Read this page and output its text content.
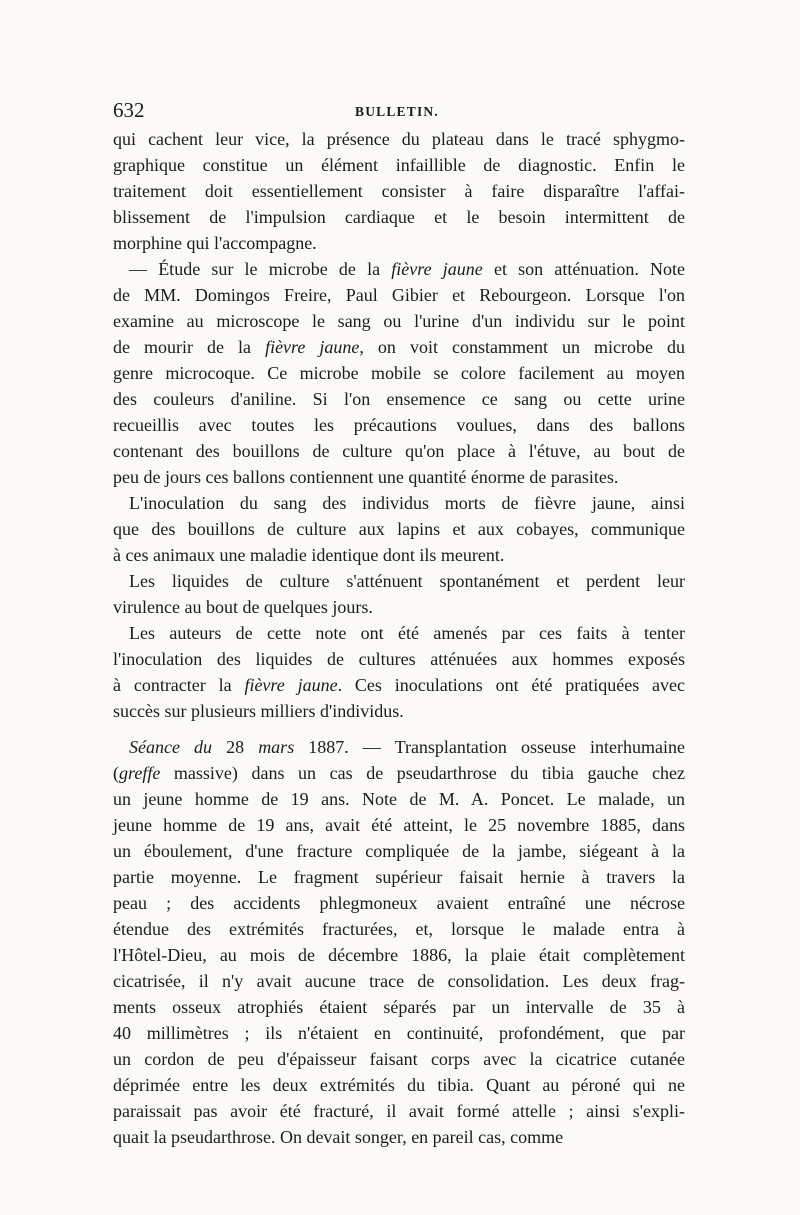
632	BULLETIN.
qui cachent leur vice, la présence du plateau dans le tracé sphygmo-
graphique constitue un élément infaillible de diagnostic. Enfin le
traitement doit essentiellement consister à faire disparaître l'affai-
blissement de l'impulsion cardiaque et le besoin intermittent de
morphine qui l'accompagne.
— Étude sur le microbe de la fièvre jaune et son atténuation. Note
de MM. Domingos Freire, Paul Gibier et Rebourgeon. Lorsque l'on
examine au microscope le sang ou l'urine d'un individu sur le point
de mourir de la fièvre jaune, on voit constamment un microbe du
genre microcoque. Ce microbe mobile se colore facilement au moyen
des couleurs d'aniline. Si l'on ensemence ce sang ou cette urine
recueillis avec toutes les précautions voulues, dans des ballons
contenant des bouillons de culture qu'on place à l'étuve, au bout de
peu de jours ces ballons contiennent une quantité énorme de parasites.
L'inoculation du sang des individus morts de fièvre jaune, ainsi
que des bouillons de culture aux lapins et aux cobayes, communique
à ces animaux une maladie identique dont ils meurent.
Les liquides de culture s'atténuent spontanément et perdent leur
virulence au bout de quelques jours.
Les auteurs de cette note ont été amenés par ces faits à tenter
l'inoculation des liquides de cultures atténuées aux hommes exposés
à contracter la fièvre jaune. Ces inoculations ont été pratiquées avec
succès sur plusieurs milliers d'individus.
Séance du 28 mars 1887. — Transplantation osseuse interhumaine
(greffe massive) dans un cas de pseudarthrose du tibia gauche chez
un jeune homme de 19 ans. Note de M. A. Poncet. Le malade, un
jeune homme de 19 ans, avait été atteint, le 25 novembre 1885, dans
un éboulement, d'une fracture compliquée de la jambe, siégeant à la
partie moyenne. Le fragment supérieur faisait hernie à travers la
peau ; des accidents phlegmoneux avaient entraîné une nécrose
étendue des extrémités fracturées, et, lorsque le malade entra à
l'Hôtel-Dieu, au mois de décembre 1886, la plaie était complètement
cicatrisée, il n'y avait aucune trace de consolidation. Les deux frag-
ments osseux atrophiés étaient séparés par un intervalle de 35 à
40 millimètres ; ils n'étaient en continuité, profondément, que par
un cordon de peu d'épaisseur faisant corps avec la cicatrice cutanée
déprimée entre les deux extrémités du tibia. Quant au péroné qui ne
paraissait pas avoir été fracturé, il avait formé attelle ; ainsi s'expli-
quait la pseudarthrose. On devait songer, en pareil cas, comme
